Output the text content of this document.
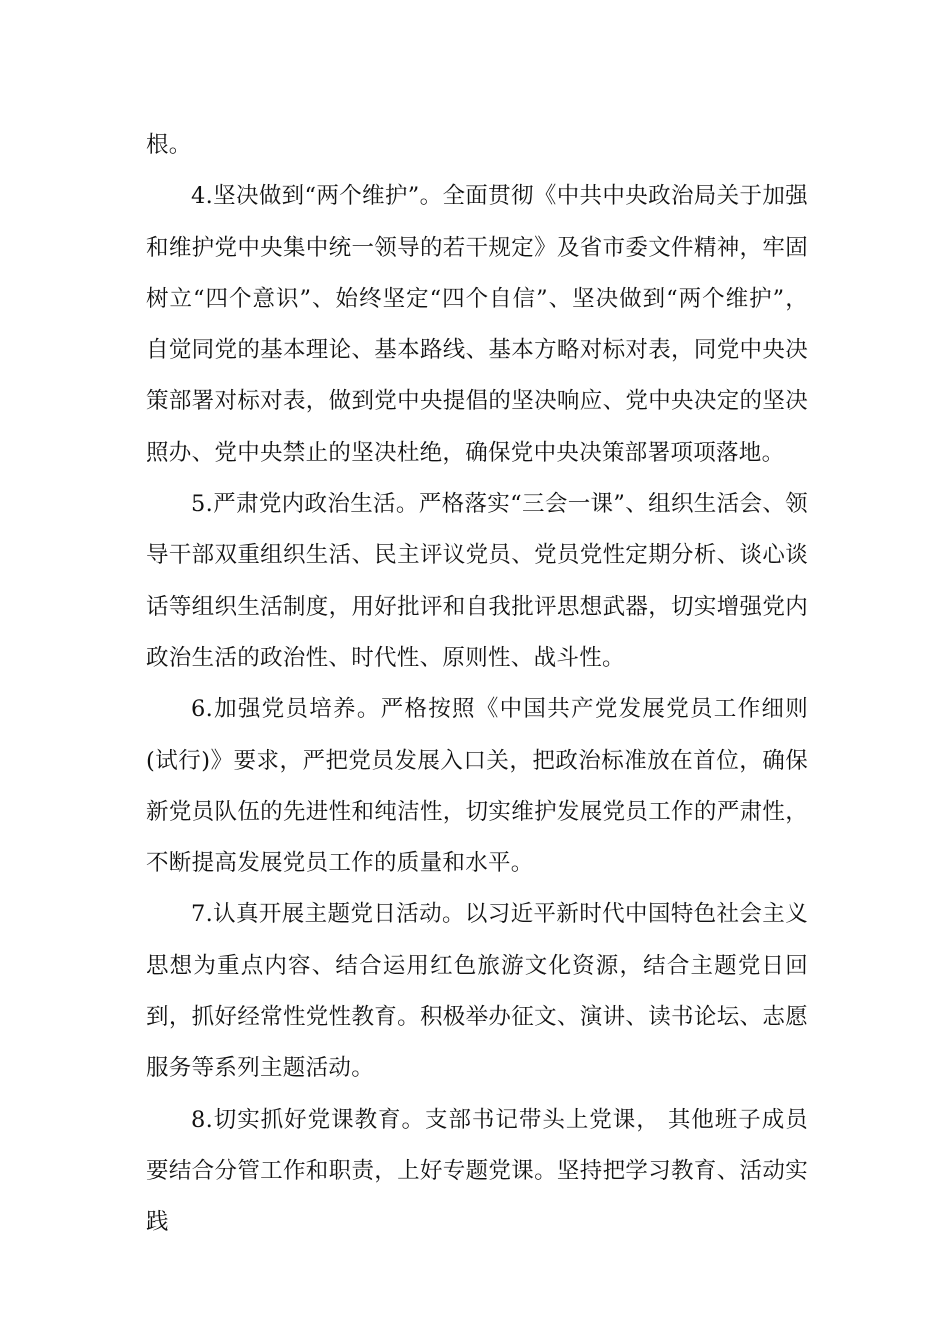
根。

4.坚决做到“两个维护”。全面贯彻《中共中央政治局关于加强和维护党中央集中统一领导的若干规定》及省市委文件精神，牢固树立“四个意识”、始终坚定“四个自信”、坚决做到“两个维护”，自觉同党的基本理论、基本路线、基本方略对标对表，同党中央决策部署对标对表，做到党中央提倡的坚决响应、党中央决定的坚决照办、党中央禁止的坚决杜绝，确保党中央决策部署项项落地。

5.严肃党内政治生活。严格落实“三会一课”、组织生活会、领导干部双重组织生活、民主评议党员、党员党性定期分析、谈心谈话等组织生活制度，用好批评和自我批评思想武器，切实增强党内政治生活的政治性、时代性、原则性、战斗性。

6.加强党员培养。严格按照《中国共产党发展党员工作细则(试行)》要求，严把党员发展入口关，把政治标准放在首位，确保新党员队伍的先进性和纯洁性，切实维护发展党员工作的严肃性，不断提高发展党员工作的质量和水平。

7.认真开展主题党日活动。以习近平新时代中国特色社会主义思想为重点内容、结合运用红色旅游文化资源，结合主题党日回到，抓好经常性党性教育。积极举办征文、演讲、读书论坛、志愿服务等系列主题活动。

8.切实抓好党课教育。支部书记带头上党课， 其他班子成员要结合分管工作和职责，上好专题党课。坚持把学习教育、活动实践
